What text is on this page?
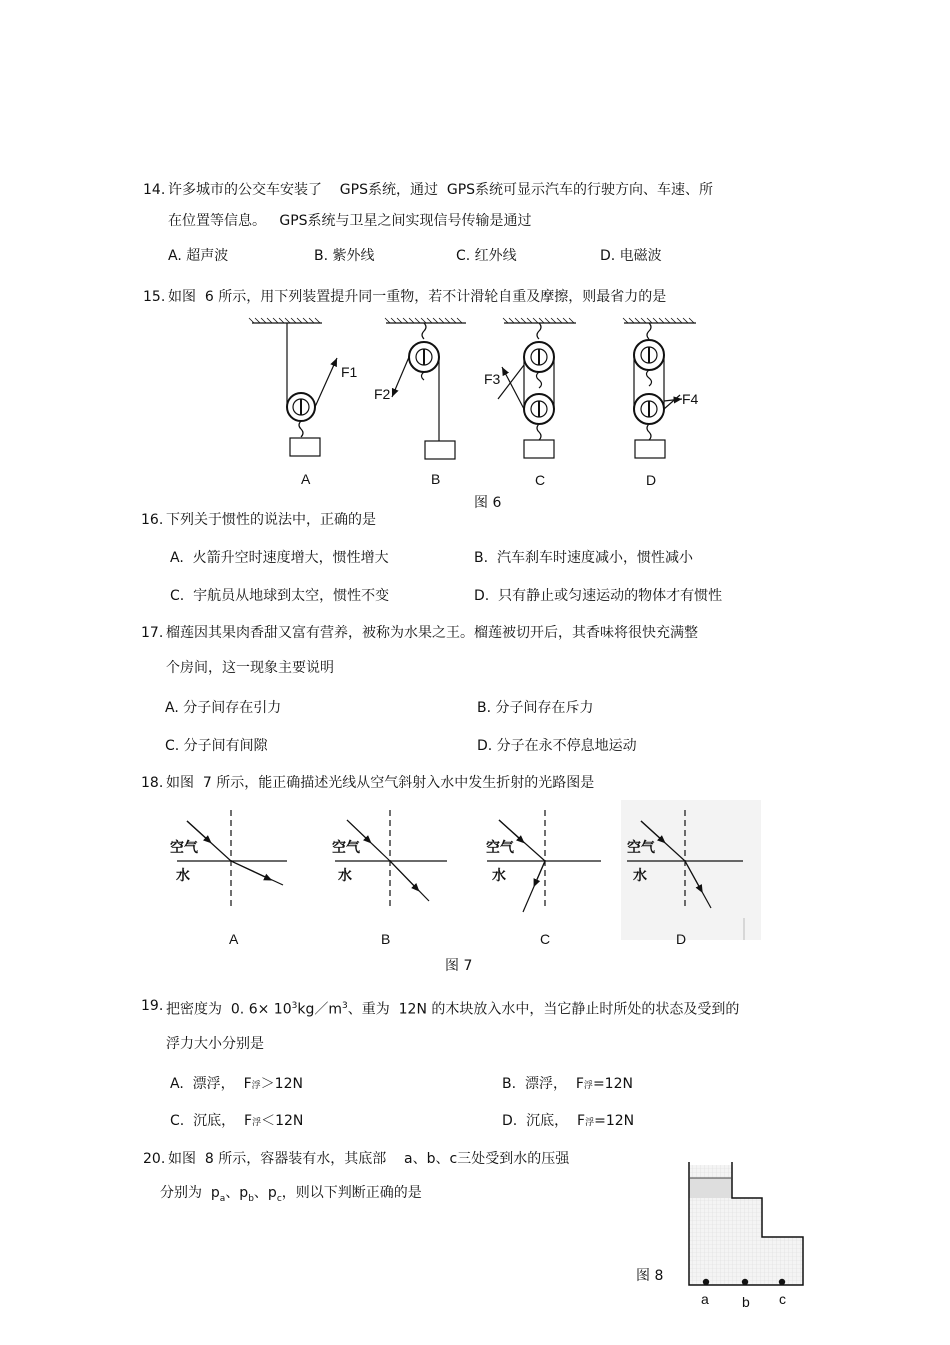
14. 许多城市的公交车安装了    GPS系统，通过  GPS系统可显示汽车的行驶方向、车速、所
在位置等信息。   GPS系统与卫星之间实现信号传输是通过
A. 超声波	B. 紫外线	C. 红外线	D. 电磁波
15. 如图  6 所示，用下列装置提升同一重物，若不计滑轮自重及摩擦，则最省力的是
F1
F2
F3
F4
A	B	C	D
图 6
16. 下列关于惯性的说法中，正确的是
A.  火箭升空时速度增大，惯性增大	B.  汽车刹车时速度减小，惯性减小
C.  宇航员从地球到太空，惯性不变	D.  只有静止或匀速运动的物体才有惯性
17. 榴莲因其果肉香甜又富有营养，被称为水果之王。榴莲被切开后，其香味将很快充满整
个房间，这一现象主要说明
A. 分子间存在引力	B. 分子间存在斥力
C. 分子间有间隙	D. 分子在永不停息地运动
18. 如图  7 所示，能正确描述光线从空气斜射入水中发生折射的光路图是
空气
水
空气
水
空气
水
空气
水
A	B	C	D
图 7
19. 把密度为  0. $6\times 10^3kg/m^3$、重为  12N 的木块放入水中，当它静止时所处的状态及受到的
浮力大小分别是
A.  漂浮，  F浮＞12N	B.  漂浮，  F浮=12N
C.  沉底，  F浮＜12N	D.  沉底，  F浮=12N
20. 如图  8 所示，容器装有水，其底部    a、b、c三处受到水的压强
分别为  $p_a$、$p_b$、$p_c$，则以下判断正确的是
图 8
a b c
